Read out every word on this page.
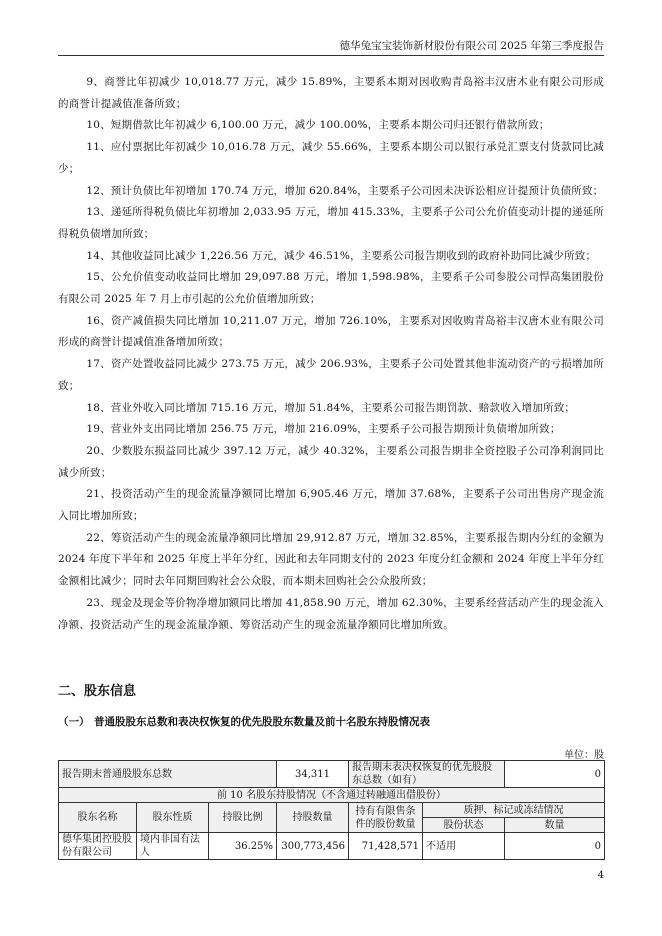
德华兔宝宝装饰新材股份有限公司 2025 年第三季度报告

9、商誉比年初减少 10,018.77 万元，减少 15.89%，主要系本期对因收购青岛裕丰汉唐木业有限公司形成的商誉计提减值准备所致；

10、短期借款比年初减少 6,100.00 万元，减少 100.00%，主要系本期公司归还银行借款所致；

11、应付票据比年初减少 10,016.78 万元，减少 55.66%，主要系本期公司以银行承兑汇票支付货款同比减少；

12、预计负债比年初增加 170.74 万元，增加 620.84%，主要系子公司因未决诉讼相应计提预计负债所致；

13、递延所得税负债比年初增加 2,033.95 万元，增加 415.33%，主要系子公司公允价值变动计提的递延所得税负债增加所致；

14、其他收益同比减少 1,226.56 万元，减少 46.51%，主要系公司报告期收到的政府补助同比减少所致；

15、公允价值变动收益同比增加 29,097.88 万元，增加 1,598.98%，主要系子公司参股公司悍高集团股份有限公司 2025 年 7 月上市引起的公允价值增加所致；

16、资产减值损失同比增加 10,211.07 万元，增加 726.10%，主要系对因收购青岛裕丰汉唐木业有限公司形成的商誉计提减值准备增加所致；

17、资产处置收益同比减少 273.75 万元，减少 206.93%，主要系子公司处置其他非流动资产的亏损增加所致；

18、营业外收入同比增加 715.16 万元，增加 51.84%，主要系公司报告期罚款、赔款收入增加所致；

19、营业外支出同比增加 256.75 万元，增加 216.09%，主要系子公司报告期预计负债增加所致；

20、少数股东损益同比减少 397.12 万元，减少 40.32%，主要系公司报告期非全资控股子公司净利润同比减少所致；

21、投资活动产生的现金流量净额同比增加 6,905.46 万元，增加 37.68%，主要系子公司出售房产现金流入同比增加所致；

22、筹资活动产生的现金流量净额同比增加 29,912.87 万元，增加 32.85%，主要系报告期内分红的金额为 2024 年度下半年和 2025 年度上半年分红，因此和去年同期支付的 2023 年度分红金额和 2024 年度上半年分红金额相比减少；同时去年同期回购社会公众股，而本期未回购社会公众股所致；

23、现金及现金等价物净增加额同比增加 41,858.90 万元，增加 62.30%，主要系经营活动产生的现金流入净额、投资活动产生的现金流量净额、筹资活动产生的现金流量净额同比增加所致。

二、股东信息
（一） 普通股股东总数和表决权恢复的优先股股东数量及前十名股东持股情况表
单位：股
报告期末普通股股东总数			34,311	报告期末表决权恢复的优先股股东总数（如有）		0
前 10 名股东持股情况（不含通过转融通出借股份）						
股东名称	股东性质	持股比例	持股数量	持有有限售条件的股份数量	质押、标记或冻结情况	
					股份状态	数量
德华集团控股股份有限公司	境内非国有法人	36.25%	300,773,456	71,428,571	不适用	0
4
